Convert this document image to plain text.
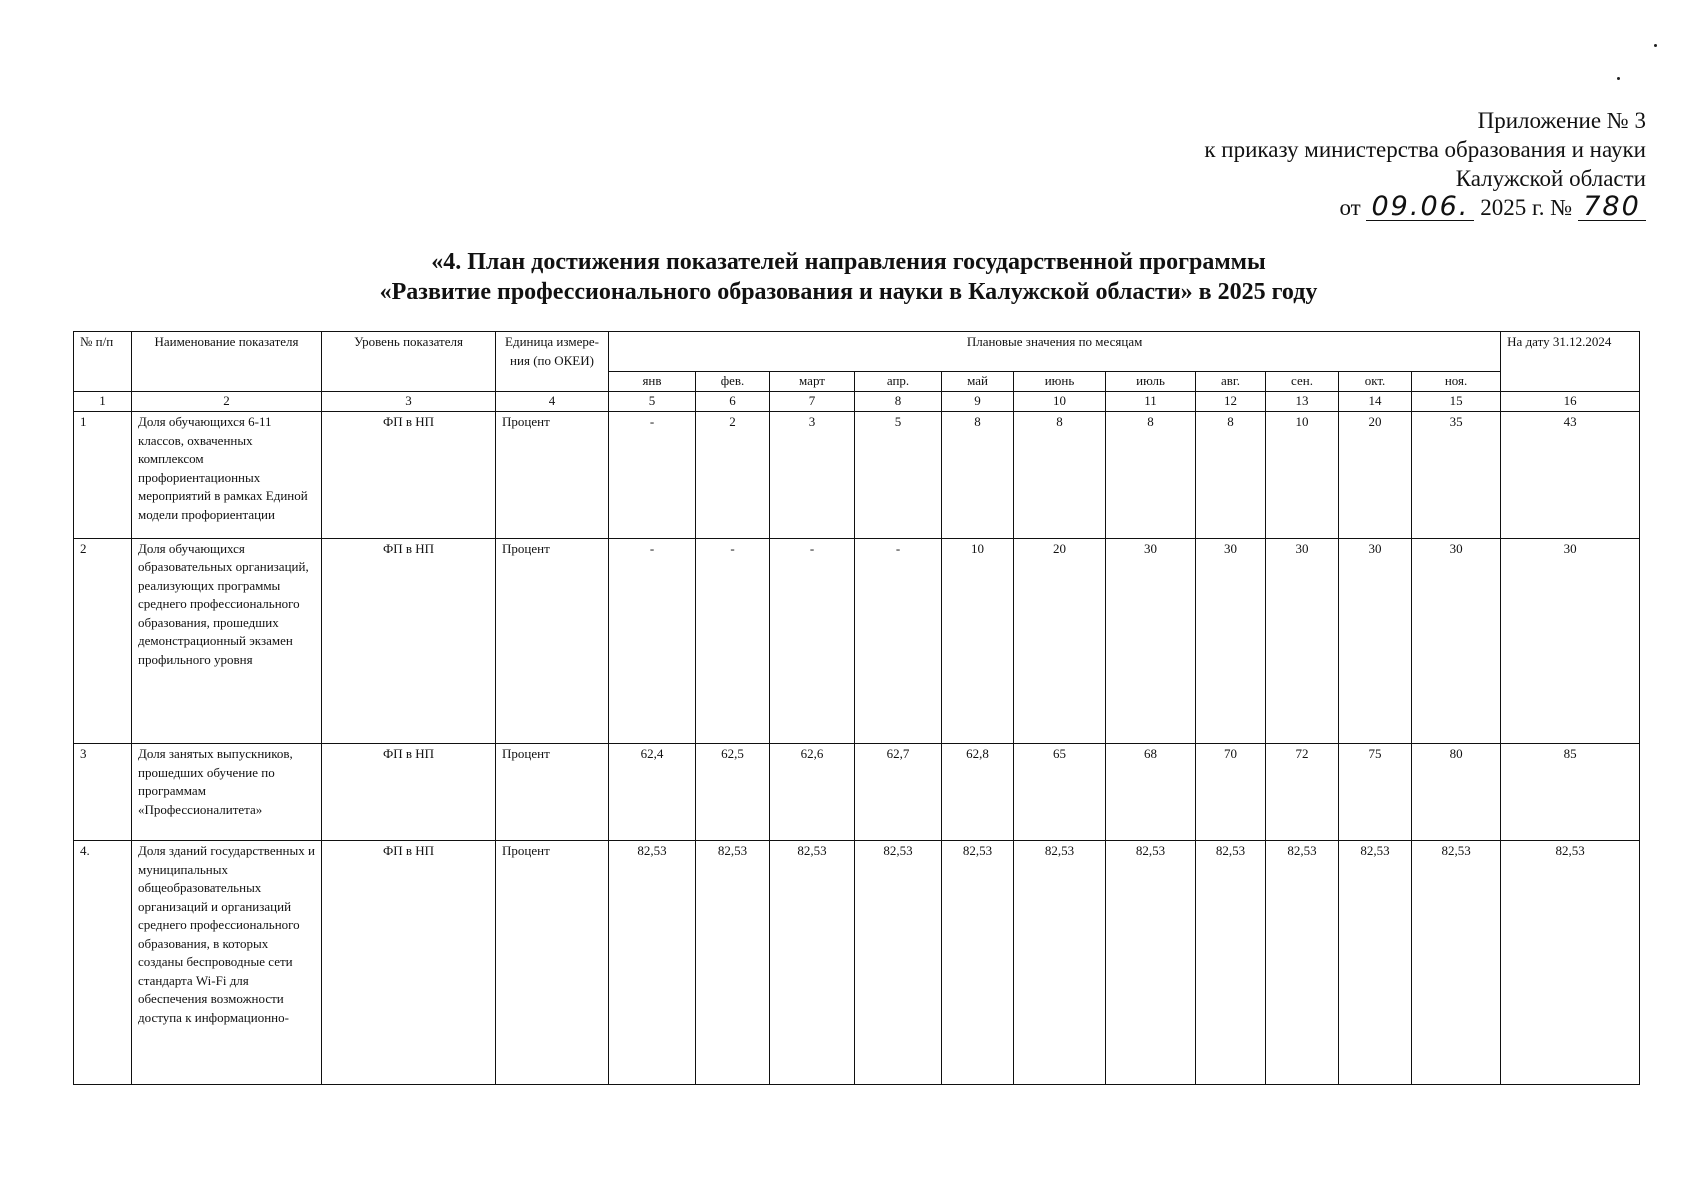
Приложение № 3
к приказу министерства образования и науки
Калужской области
от 09.06. 2025 г. № 780
«4. План достижения показателей направления государственной программы
«Развитие профессионального образования и науки в Калужской области» в 2025 году
№ п/п	Наименование показателя	Уровень показателя	Единица измере-ния (по ОКЕИ)	Плановые значения по месяцам											На дату 31.12.2024
				янв	фев.	март	апр.	май	июнь	июль	авг.	сен.	окт.	ноя.	
1	2	3	4	5	6	7	8	9	10	11	12	13	14	15	16
1	Доля обучающихся 6-11 классов, охваченных комплексом профориентационных мероприятий в рамках Единой модели профориентации	ФП в НП	Процент	-	2	3	5	8	8	8	8	10	20	35	43
2	Доля обучающихся образовательных организаций, реализующих программы среднего профессионального образования, прошедших демонстрационный экзамен профильного уровня	ФП в НП	Процент	-	-	-	-	10	20	30	30	30	30	30	30
3	Доля занятых выпускников, прошедших обучение по программам «Профессионалитета»	ФП в НП	Процент	62,4	62,5	62,6	62,7	62,8	65	68	70	72	75	80	85
4.	Доля зданий государственных и муниципальных общеобразовательных организаций и организаций среднего профессионального образования, в которых созданы беспроводные сети стандарта Wi-Fi для обеспечения возможности доступа к информационно-	ФП в НП	Процент	82,53	82,53	82,53	82,53	82,53	82,53	82,53	82,53	82,53	82,53	82,53	82,53
